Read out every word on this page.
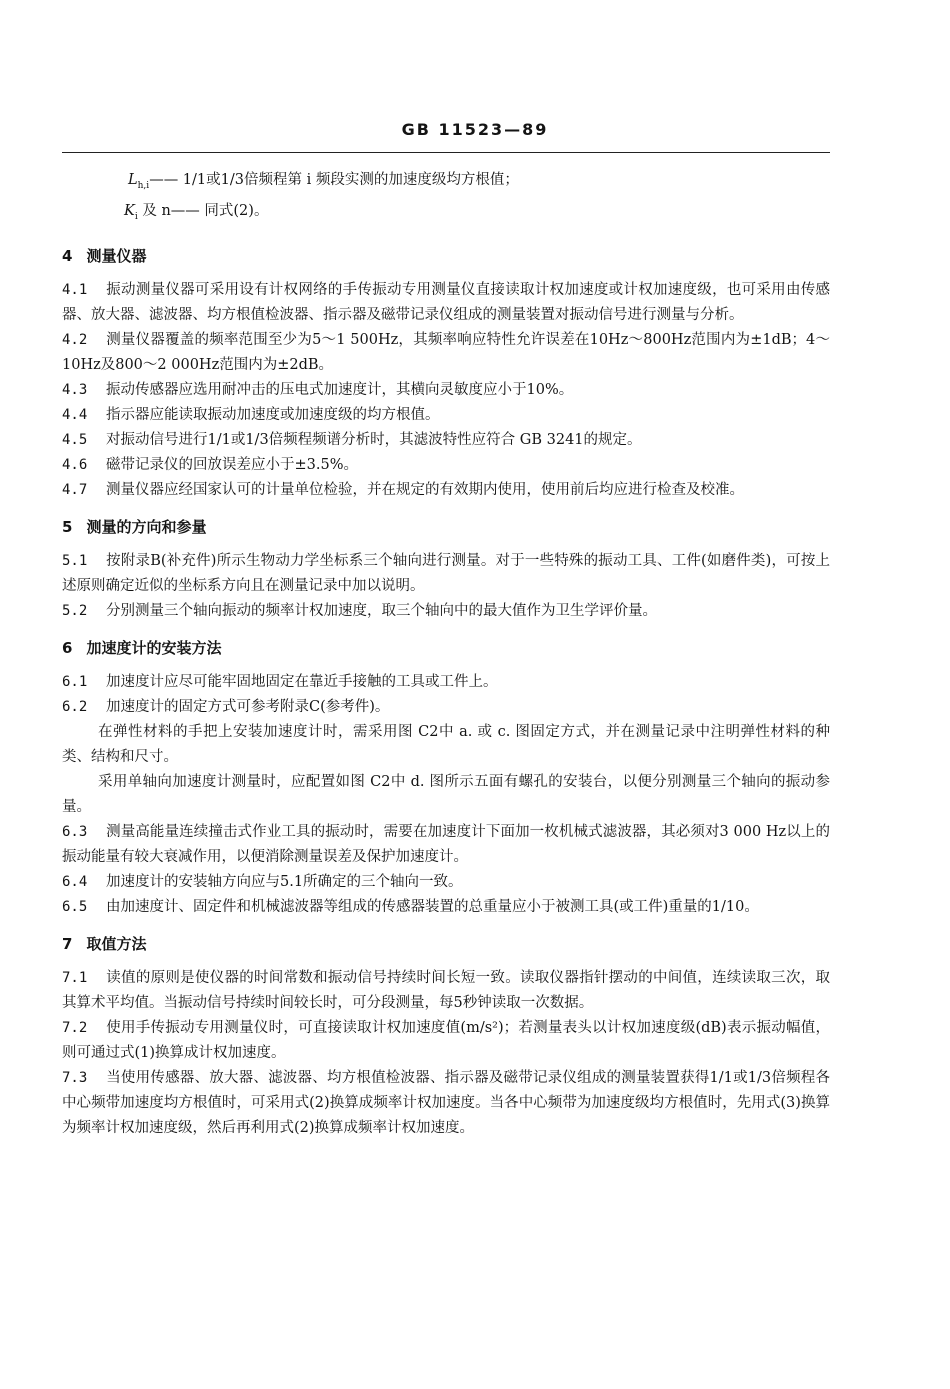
GB 11523—89

$L_{h,i}——$ 1/1或1/3倍频程第 i 频段实测的加速度级均方根值；

$K_i$ 及 n—— 同式(2)。

4 测量仪器

4.1 振动测量仪器可采用设有计权网络的手传振动专用测量仪直接读取计权加速度或计权加速度级，也可采用由传感器、放大器、滤波器、均方根值检波器、指示器及磁带记录仪组成的测量装置对振动信号进行测量与分析。

4.2 测量仪器覆盖的频率范围至少为5～1 500Hz，其频率响应特性允许误差在10Hz～800Hz范围内为±1dB；4～10Hz及800～2 000Hz范围内为±2dB。

4.3 振动传感器应选用耐冲击的压电式加速度计，其横向灵敏度应小于10%。

4.4 指示器应能读取振动加速度或加速度级的均方根值。

4.5 对振动信号进行1/1或1/3倍频程频谱分析时，其滤波特性应符合 GB 3241的规定。

4.6 磁带记录仪的回放误差应小于±3.5%。

4.7 测量仪器应经国家认可的计量单位检验，并在规定的有效期内使用，使用前后均应进行检查及校准。

5 测量的方向和参量

5.1 按附录B(补充件)所示生物动力学坐标系三个轴向进行测量。对于一些特殊的振动工具、工件(如磨件类)，可按上述原则确定近似的坐标系方向且在测量记录中加以说明。

5.2 分别测量三个轴向振动的频率计权加速度，取三个轴向中的最大值作为卫生学评价量。

6 加速度计的安装方法

6.1 加速度计应尽可能牢固地固定在靠近手接触的工具或工件上。

6.2 加速度计的固定方式可参考附录C(参考件)。

在弹性材料的手把上安装加速度计时，需采用图 C2中 a. 或 c. 图固定方式，并在测量记录中注明弹性材料的种类、结构和尺寸。

采用单轴向加速度计测量时，应配置如图 C2中 d. 图所示五面有螺孔的安装台，以便分别测量三个轴向的振动参量。

6.3 测量高能量连续撞击式作业工具的振动时，需要在加速度计下面加一枚机械式滤波器，其必须对3 000 Hz以上的振动能量有较大衰减作用，以便消除测量误差及保护加速度计。

6.4 加速度计的安装轴方向应与5.1所确定的三个轴向一致。

6.5 由加速度计、固定件和机械滤波器等组成的传感器装置的总重量应小于被测工具(或工件)重量的1/10。

7 取值方法

7.1 读值的原则是使仪器的时间常数和振动信号持续时间长短一致。读取仪器指针摆动的中间值，连续读取三次，取其算术平均值。当振动信号持续时间较长时，可分段测量，每5秒钟读取一次数据。

7.2 使用手传振动专用测量仪时，可直接读取计权加速度值(m/s²)；若测量表头以计权加速度级(dB)表示振动幅值，则可通过式(1)换算成计权加速度。

7.3 当使用传感器、放大器、滤波器、均方根值检波器、指示器及磁带记录仪组成的测量装置获得1/1或1/3倍频程各中心频带加速度均方根值时，可采用式(2)换算成频率计权加速度。当各中心频带为加速度级均方根值时，先用式(3)换算为频率计权加速度级，然后再利用式(2)换算成频率计权加速度。
